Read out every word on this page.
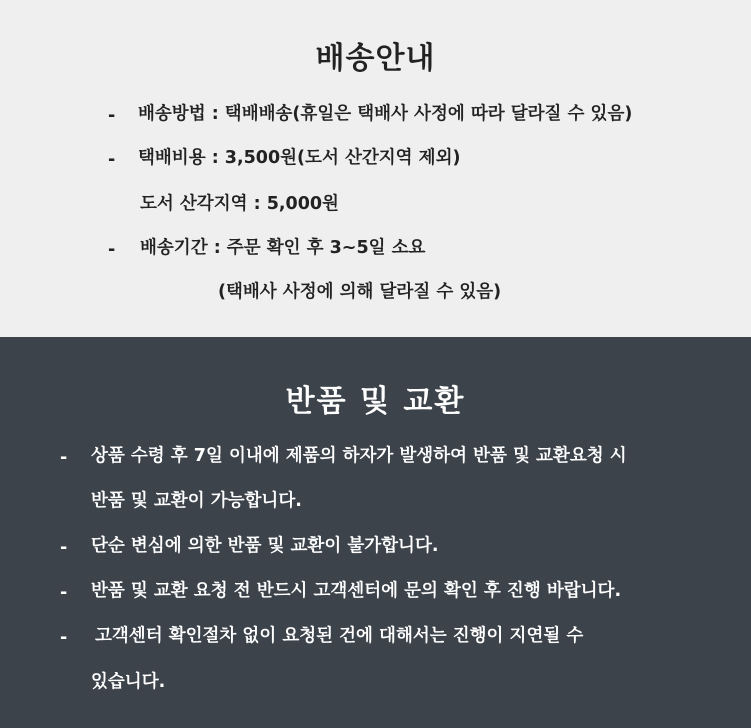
배송안내
- 배송방법 : 택배배송(휴일은 택배사 사정에 따라 달라질 수 있음)

- 택배비용 : 3,500원(도서 산간지역 제외)

도서 산각지역 : 5,000원

- 배송기간 : 주문 확인 후 3~5일 소요

(택배사 사정에 의해 달라질 수 있음)

반품 및 교환
- 상품 수령 후 7일 이내에 제품의 하자가 발생하여 반품 및 교환요청 시

반품 및 교환이 가능합니다.

- 단순 변심에 의한 반품 및 교환이 불가합니다.

- 반품 및 교환 요청 전 반드시 고객센터에 문의 확인 후 진행 바랍니다.

- 고객센터 확인절차 없이 요청된 건에 대해서는 진행이 지연될 수

있습니다.
